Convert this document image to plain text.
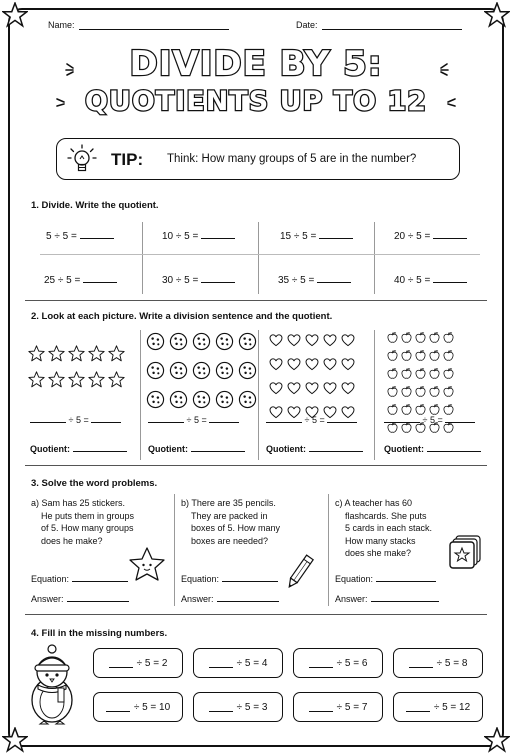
Name:	Date:
DIVIDE BY 5:
QUOTIENTS UP TO 12
TIP: Think: How many groups of 5 are in the number?
1. Divide. Write the quotient.
5 ÷ 5 =	10 ÷ 5 =	15 ÷ 5 =	20 ÷ 5 =
25 ÷ 5 =	30 ÷ 5 =	35 ÷ 5 =	40 ÷ 5 =
2. Look at each picture. Write a division sentence and the quotient.
÷ 5 =	÷ 5 =	÷ 5 =	÷ 5 =
Quotient:	Quotient:	Quotient:	Quotient:
3. Solve the word problems.
a) Sam has 25 stickers.
He puts them in groups
of 5. How many groups
does he make?
b) There are 35 pencils.
They are packed in
boxes of 5. How many
boxes are needed?
c) A teacher has 60
flashcards. She puts
5 cards in each stack.
How many stacks
does she make?
Equation:	Equation:	Equation:
Answer:	Answer:	Answer:
4. Fill in the missing numbers.
÷ 5 = 2	÷ 5 = 4	÷ 5 = 6	÷ 5 = 8
÷ 5 = 10	÷ 5 = 3	÷ 5 = 7	÷ 5 = 12
